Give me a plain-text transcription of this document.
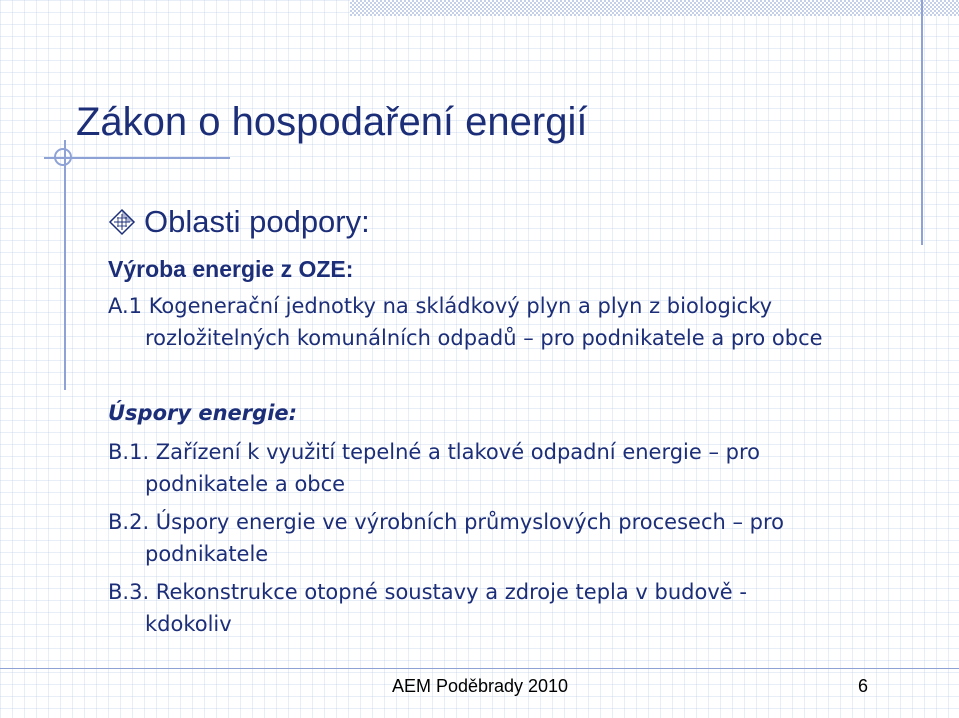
Zákon o hospodaření energií
Oblasti podpory:
Výroba energie z OZE:
A.1 Kogenerační jednotky na skládkový plyn a plyn z biologicky
rozložitelných komunálních odpadů – pro podnikatele a pro obce
Úspory energie:
B.1. Zařízení k využití tepelné a tlakové odpadní energie – pro
podnikatele a obce
B.2. Úspory energie ve výrobních průmyslových procesech – pro
podnikatele
B.3. Rekonstrukce otopné soustavy a zdroje tepla v budově -
kdokoliv
AEM Poděbrady 2010	6
